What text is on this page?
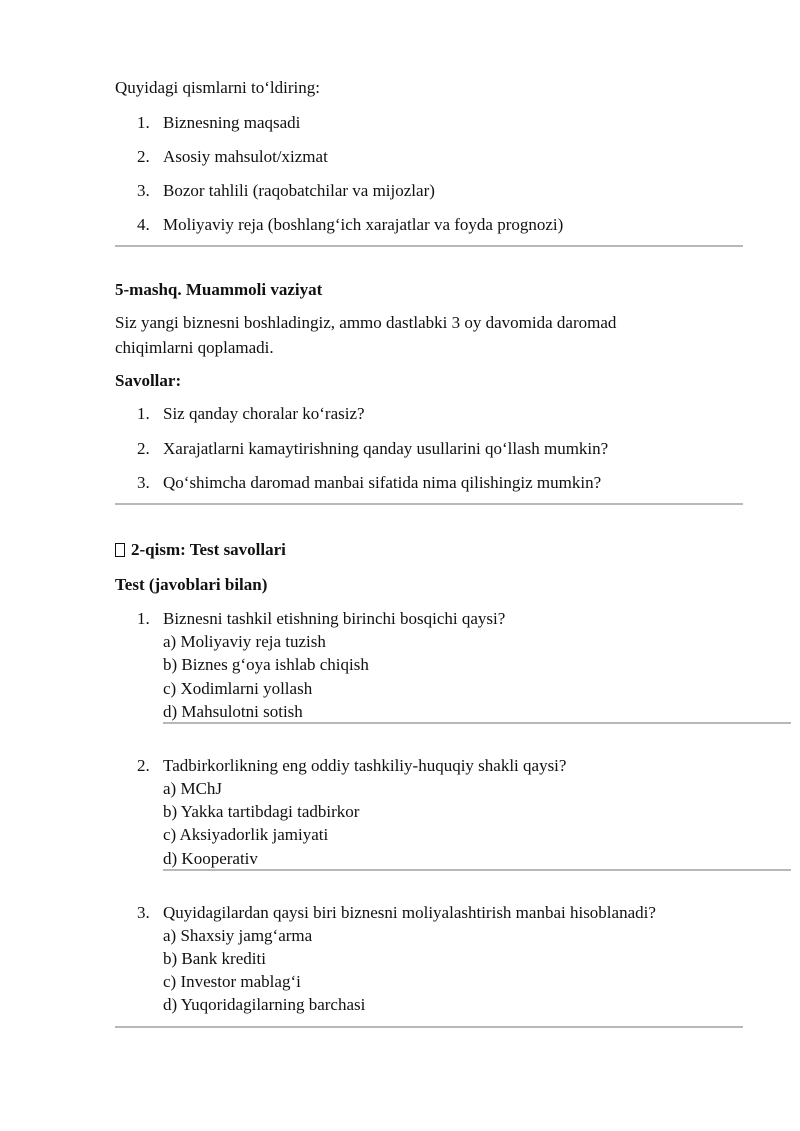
Quyidagi qismlarni to‘ldiring:
1. Biznesning maqsadi
2. Asosiy mahsulot/xizmat
3. Bozor tahlili (raqobatchilar va mijozlar)
4. Moliyaviy reja (boshlang‘ich xarajatlar va foyda prognozi)
5-mashq. Muammoli vaziyat
Siz yangi biznesni boshladingiz, ammo dastlabki 3 oy davomida daromad chiqimlarni qoplamadi.
Savollar:
1. Siz qanday choralar ko‘rasiz?
2. Xarajatlarni kamaytirishning qanday usullarini qo‘llash mumkin?
3. Qo‘shimcha daromad manbai sifatida nima qilishingiz mumkin?
2-qism: Test savollari
Test (javoblari bilan)
1. Biznesni tashkil etishning birinchi bosqichi qaysi?
a) Moliyaviy reja tuzish
b) Biznes g‘oya ishlab chiqish
c) Xodimlarni yollash
d) Mahsulotni sotish
2. Tadbirkorlikning eng oddiy tashkiliy-huquqiy shakli qaysi?
a) MChJ
b) Yakka tartibdagi tadbirkor
c) Aksiyadorlik jamiyati
d) Kooperativ
3. Quyidagilardan qaysi biri biznesni moliyalashtirish manbai hisoblanadi?
a) Shaxsiy jamg‘arma
b) Bank krediti
c) Investor mablag‘i
d) Yuqoridagilarning barchasi
